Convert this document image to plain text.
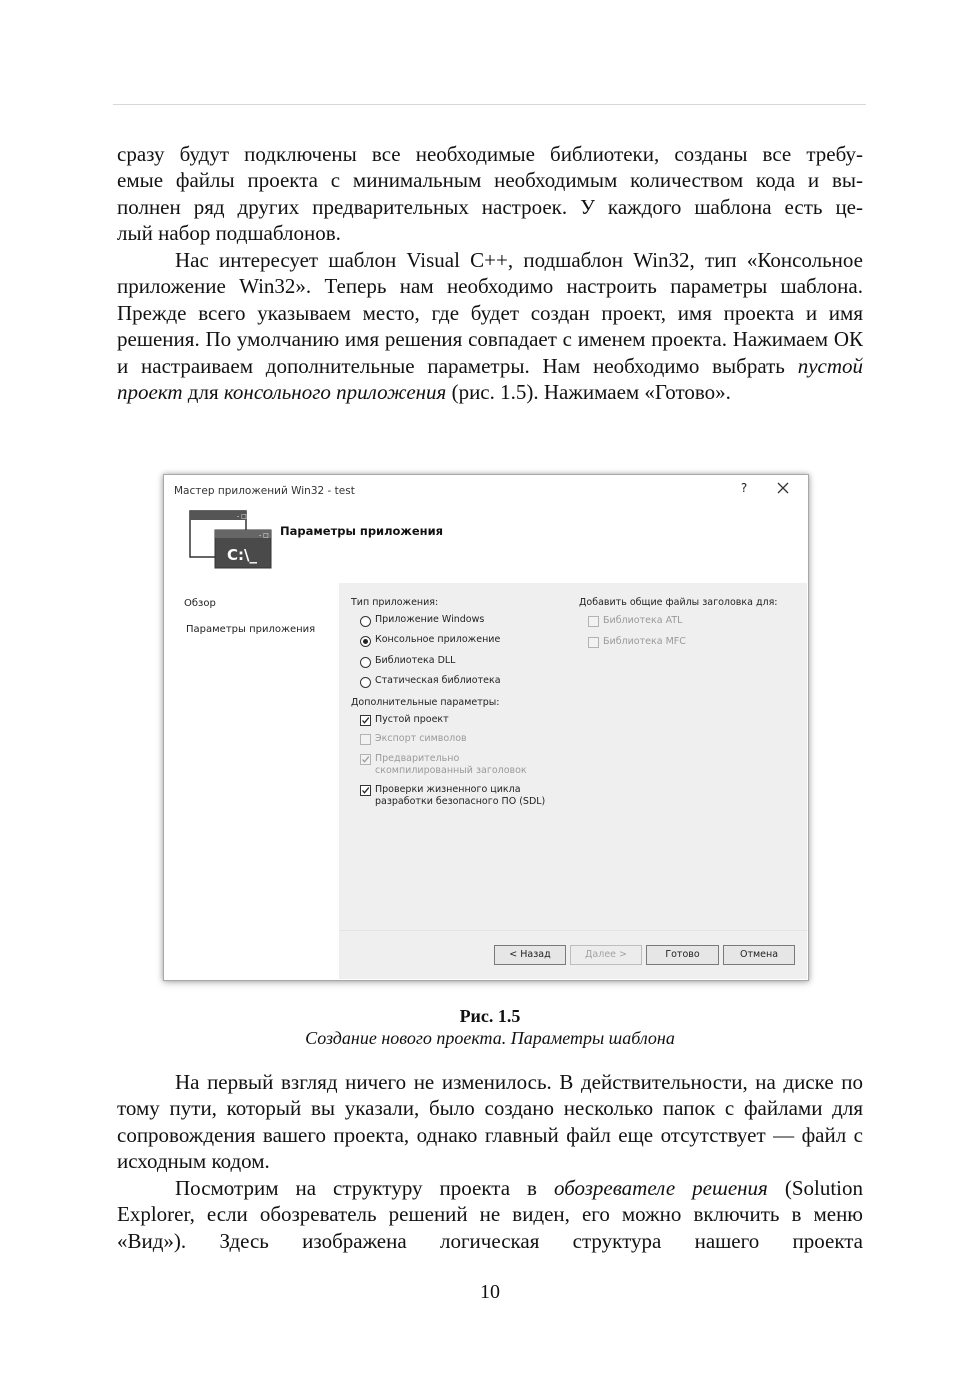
сразу будут подключены все необходимые библиотеки, созданы все требу-
емые файлы проекта с минимальным необходимым количеством кода и вы-
полнен ряд других предварительных настроек. У каждого шаблона есть це-
лый набор подшаблонов.

Нас интересует шаблон Visual C++, подшаблон Win32, тип «Консольное приложение Win32». Теперь нам необходимо настроить параметры шаблона. Прежде всего указываем место, где будет создан проект, имя проекта и имя решения. По умолчанию имя решения совпадает с именем проекта. Нажимаем ОК и настраиваем дополнительные параметры. Нам необходимо выбрать пустой проект для консольного приложения (рис. 1.5). Нажимаем «Готово».

Мастер приложений Win32 - test	?
- □ ×
- □ ×
C:\_
Параметры приложения
Обзор
Параметры приложения
Тип приложения:
Приложение Windows
Консольное приложение
Библиотека DLL
Статическая библиотека
Дополнительные параметры:
Пустой проект
Экспорт символов
Предварительно
скомпилированный заголовок
Проверки жизненного цикла
разработки безопасного ПО (SDL)
Добавить общие файлы заголовка для:
Библиотека ATL
Библиотека MFC
< Назад	Далее >	Готово	Отмена
Рис. 1.5
Создание нового проекта. Параметры шаблона

На первый взгляд ничего не изменилось. В действительности, на диске по тому пути, который вы указали, было создано несколько папок с файлами для сопровождения вашего проекта, однако главный файл еще отсутствует — файл с исходным кодом.

Посмотрим на структуру проекта в обозревателе решения (Solution Explorer, если обозреватель решений не виден, его можно включить в меню «Вид»). Здесь изображена логическая структура нашего проекта

10
